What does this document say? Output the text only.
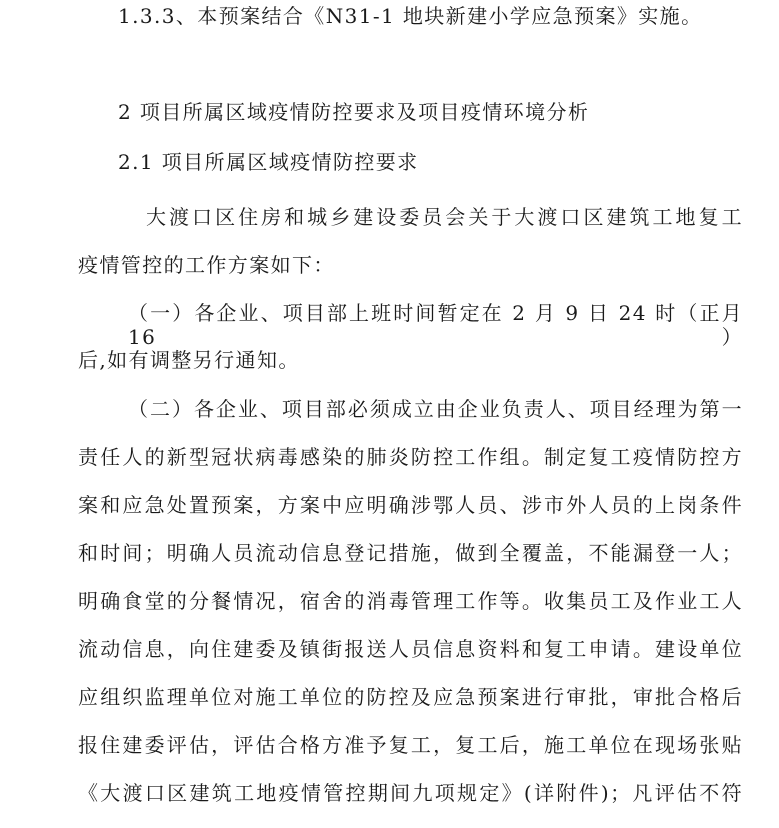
1.3.3、本预案结合《N31-1 地块新建小学应急预案》实施。
2 项目所属区域疫情防控要求及项目疫情环境分析
2.1 项目所属区域疫情防控要求
大渡口区住房和城乡建设委员会关于大渡口区建筑工地复工
疫情管控的工作方案如下：
（一）各企业、项目部上班时间暂定在 2 月 9 日 24 时（正月 16）
后,如有调整另行通知。
（二）各企业、项目部必须成立由企业负责人、项目经理为第一
责任人的新型冠状病毒感染的肺炎防控工作组。制定复工疫情防控方
案和应急处置预案，方案中应明确涉鄂人员、涉市外人员的上岗条件
和时间；明确人员流动信息登记措施，做到全覆盖，不能漏登一人；
明确食堂的分餐情况，宿舍的消毒管理工作等。收集员工及作业工人
流动信息，向住建委及镇街报送人员信息资料和复工申请。建设单位
应组织监理单位对施工单位的防控及应急预案进行审批，审批合格后
报住建委评估，评估合格方准予复工，复工后，施工单位在现场张贴
《大渡口区建筑工地疫情管控期间九项规定》(详附件)；凡评估不符
